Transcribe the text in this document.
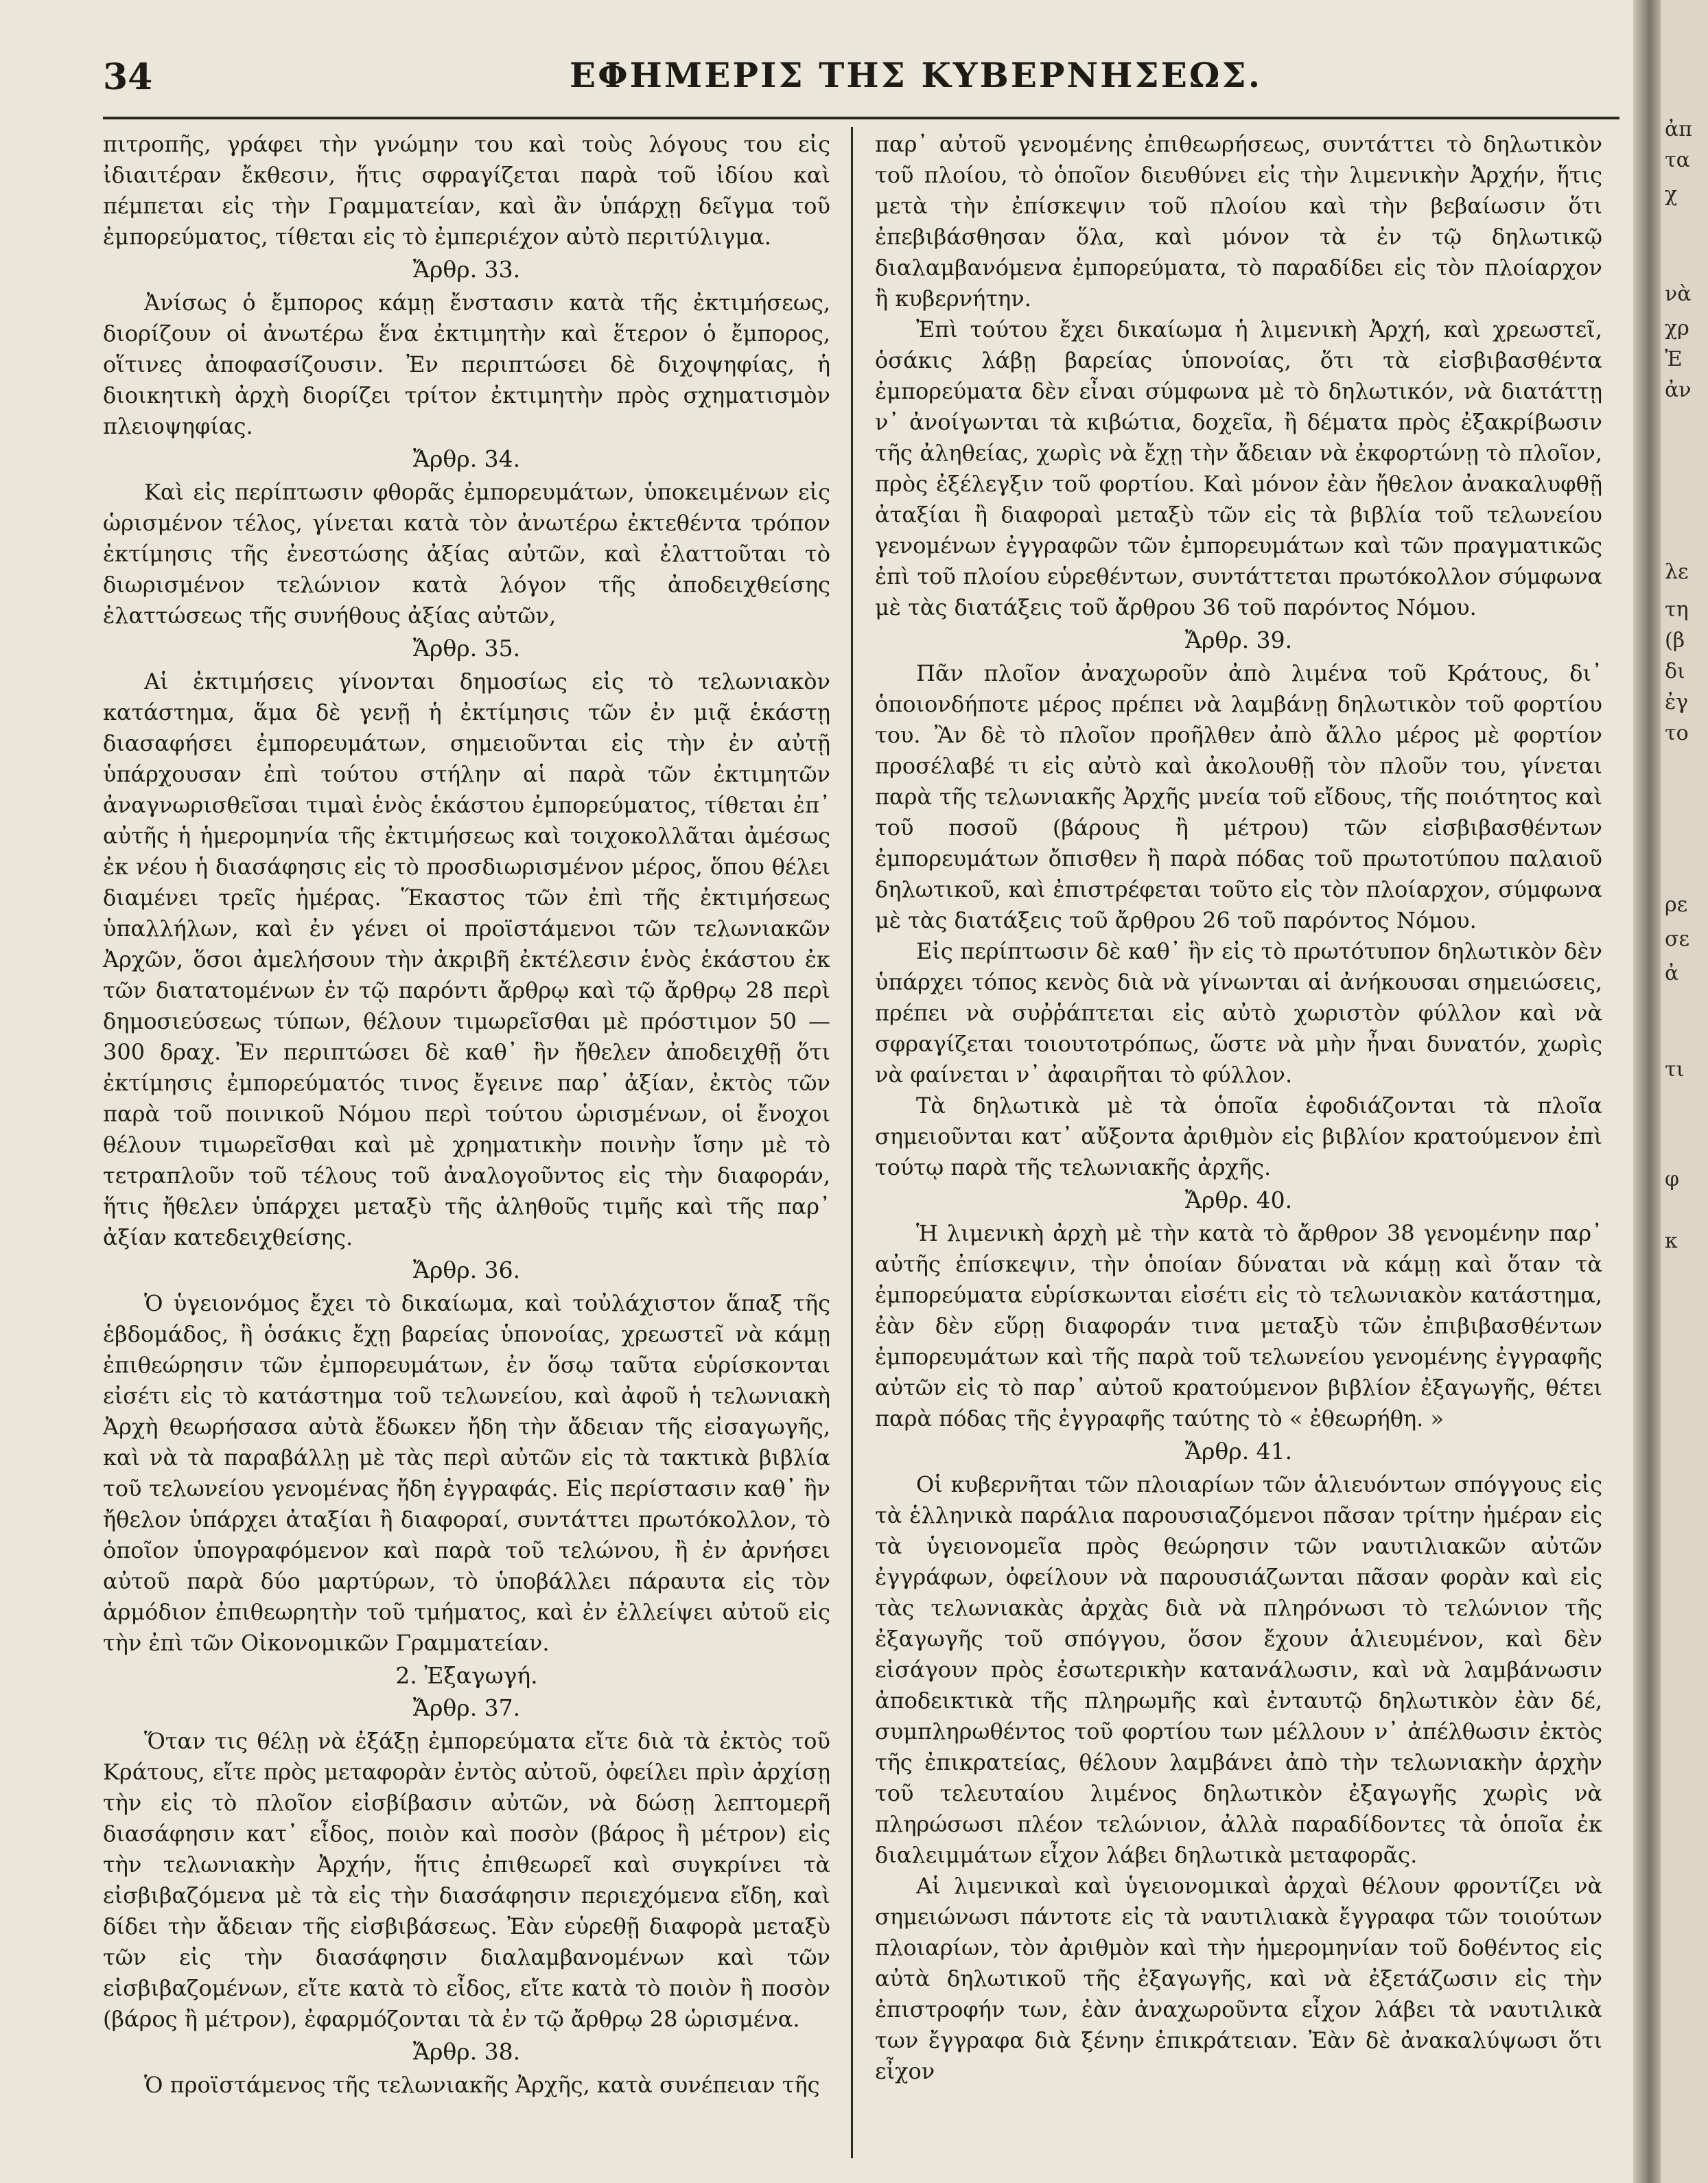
34	ΕΦΗΜΕΡΙΣ ΤΗΣ ΚΥΒΕΡΝΗΣΕΩΣ.

πιτροπῆς, γράφει τὴν γνώμην του καὶ τοὺς λόγους του εἰς ἰδιαιτέραν ἔκθεσιν, ἥτις σφραγίζεται παρὰ τοῦ ἰδίου καὶ πέμπεται εἰς τὴν Γραμματείαν, καὶ ἂν ὑπάρχῃ δεῖγμα τοῦ ἐμπορεύματος, τίθεται εἰς τὸ ἐμπεριέχον αὐτὸ περιτύλιγμα.

Ἄρθρ. 33.

Ἀνίσως ὁ ἔμπορος κάμῃ ἔνστασιν κατὰ τῆς ἐκτιμήσεως, διορίζουν οἱ ἀνωτέρω ἕνα ἐκτιμητὴν καὶ ἕτερον ὁ ἔμπορος, οἵτινες ἀποφασίζουσιν. Ἐν περιπτώσει δὲ διχοψηφίας, ἡ διοικητικὴ ἀρχὴ διορίζει τρίτον ἐκτιμητὴν πρὸς σχηματισμὸν πλειοψηφίας.

Ἄρθρ. 34.

Καὶ εἰς περίπτωσιν φθορᾶς ἐμπορευμάτων, ὑποκειμένων εἰς ὡρισμένον τέλος, γίνεται κατὰ τὸν ἀνωτέρω ἐκτεθέντα τρόπον ἐκτίμησις τῆς ἐνεστώσης ἀξίας αὐτῶν, καὶ ἐλαττοῦται τὸ διωρισμένον τελώνιον κατὰ λόγον τῆς ἀποδειχθείσης ἐλαττώσεως τῆς συνήθους ἀξίας αὐτῶν,

Ἄρθρ. 35.

Αἱ ἐκτιμήσεις γίνονται δημοσίως εἰς τὸ τελωνιακὸν κατάστημα, ἅμα δὲ γενῇ ἡ ἐκτίμησις τῶν ἐν μιᾷ ἑκάστῃ διασαφήσει ἐμπορευμάτων, σημειοῦνται εἰς τὴν ἐν αὐτῇ ὑπάρχουσαν ἐπὶ τούτου στήλην αἱ παρὰ τῶν ἐκτιμητῶν ἀναγνωρισθεῖσαι τιμαὶ ἑνὸς ἑκάστου ἐμπορεύματος, τίθεται ἐπ᾽ αὐτῆς ἡ ἡμερομηνία τῆς ἐκτιμήσεως καὶ τοιχοκολλᾶται ἀμέσως ἐκ νέου ἡ διασάφησις εἰς τὸ προσδιωρισμένον μέρος, ὅπου θέλει διαμένει τρεῖς ἡμέρας. Ἕκαστος τῶν ἐπὶ τῆς ἐκτιμήσεως ὑπαλλήλων, καὶ ἐν γένει οἱ προϊστάμενοι τῶν τελωνιακῶν Ἀρχῶν, ὅσοι ἀμελήσουν τὴν ἀκριβῆ ἐκτέλεσιν ἑνὸς ἑκάστου ἐκ τῶν διατατομένων ἐν τῷ παρόντι ἄρθρῳ καὶ τῷ ἄρθρῳ 28 περὶ δημοσιεύσεως τύπων, θέλουν τιμωρεῖσθαι μὲ πρόστιμον 50 — 300 δραχ. Ἐν περιπτώσει δὲ καθ᾽ ἣν ἤθελεν ἀποδειχθῇ ὅτι ἐκτίμησις ἐμπορεύματός τινος ἔγεινε παρ᾽ ἀξίαν, ἐκτὸς τῶν παρὰ τοῦ ποινικοῦ Νόμου περὶ τούτου ὡρισμένων, οἱ ἔνοχοι θέλουν τιμωρεῖσθαι καὶ μὲ χρηματικὴν ποινὴν ἴσην μὲ τὸ τετραπλοῦν τοῦ τέλους τοῦ ἀναλογοῦντος εἰς τὴν διαφοράν, ἥτις ἤθελεν ὑπάρχει μεταξὺ τῆς ἀληθοῦς τιμῆς καὶ τῆς παρ᾽ ἀξίαν κατεδειχθείσης.

Ἄρθρ. 36.

Ὁ ὑγειονόμος ἔχει τὸ δικαίωμα, καὶ τοὐλάχιστον ἅπαξ τῆς ἑβδομάδος, ἢ ὁσάκις ἔχῃ βαρείας ὑπονοίας, χρεωστεῖ νὰ κάμῃ ἐπιθεώρησιν τῶν ἐμπορευμάτων, ἐν ὅσῳ ταῦτα εὑρίσκονται εἰσέτι εἰς τὸ κατάστημα τοῦ τελωνείου, καὶ ἀφοῦ ἡ τελωνιακὴ Ἀρχὴ θεωρήσασα αὐτὰ ἔδωκεν ἤδη τὴν ἄδειαν τῆς εἰσαγωγῆς, καὶ νὰ τὰ παραβάλλῃ μὲ τὰς περὶ αὐτῶν εἰς τὰ τακτικὰ βιβλία τοῦ τελωνείου γενομένας ἤδη ἐγγραφάς. Εἰς περίστασιν καθ᾽ ἣν ἤθελον ὑπάρχει ἀταξίαι ἢ διαφοραί, συντάττει πρωτόκολλον, τὸ ὁποῖον ὑπογραφόμενον καὶ παρὰ τοῦ τελώνου, ἢ ἐν ἀρνήσει αὐτοῦ παρὰ δύο μαρτύρων, τὸ ὑποβάλλει πάραυτα εἰς τὸν ἁρμόδιον ἐπιθεωρητὴν τοῦ τμήματος, καὶ ἐν ἐλλείψει αὐτοῦ εἰς τὴν ἐπὶ τῶν Οἰκονομικῶν Γραμματείαν.

2. Ἐξαγωγή.
Ἄρθρ. 37.

Ὅταν τις θέλῃ νὰ ἐξάξῃ ἐμπορεύματα εἴτε διὰ τὰ ἐκτὸς τοῦ Κράτους, εἴτε πρὸς μεταφορὰν ἐντὸς αὐτοῦ, ὀφείλει πρὶν ἀρχίσῃ τὴν εἰς τὸ πλοῖον εἰσβίβασιν αὐτῶν, νὰ δώσῃ λεπτομερῆ διασάφησιν κατ᾽ εἶδος, ποιὸν καὶ ποσὸν (βάρος ἢ μέτρον) εἰς τὴν τελωνιακὴν Ἀρχήν, ἥτις ἐπιθεωρεῖ καὶ συγκρίνει τὰ εἰσβιβαζόμενα μὲ τὰ εἰς τὴν διασάφησιν περιεχόμενα εἴδη, καὶ δίδει τὴν ἄδειαν τῆς εἰσβιβάσεως. Ἐὰν εὑρεθῇ διαφορὰ μεταξὺ τῶν εἰς τὴν διασάφησιν διαλαμβανομένων καὶ τῶν εἰσβιβαζομένων, εἴτε κατὰ τὸ εἶδος, εἴτε κατὰ τὸ ποιὸν ἢ ποσὸν (βάρος ἢ μέτρον), ἐφαρμόζονται τὰ ἐν τῷ ἄρθρῳ 28 ὡρισμένα.

Ἄρθρ. 38.

Ὁ προϊστάμενος τῆς τελωνιακῆς Ἀρχῆς, κατὰ συνέπειαν τῆς

παρ᾽ αὐτοῦ γενομένης ἐπιθεωρήσεως, συντάττει τὸ δηλωτικὸν τοῦ πλοίου, τὸ ὁποῖον διευθύνει εἰς τὴν λιμενικὴν Ἀρχήν, ἥτις μετὰ τὴν ἐπίσκεψιν τοῦ πλοίου καὶ τὴν βεβαίωσιν ὅτι ἐπεβιβάσθησαν ὅλα, καὶ μόνον τὰ ἐν τῷ δηλωτικῷ διαλαμβανόμενα ἐμπορεύματα, τὸ παραδίδει εἰς τὸν πλοίαρχον ἢ κυβερνήτην.

Ἐπὶ τούτου ἔχει δικαίωμα ἡ λιμενικὴ Ἀρχή, καὶ χρεωστεῖ, ὁσάκις λάβῃ βαρείας ὑπονοίας, ὅτι τὰ εἰσβιβασθέντα ἐμπορεύματα δὲν εἶναι σύμφωνα μὲ τὸ δηλωτικόν, νὰ διατάττῃ ν᾽ ἀνοίγωνται τὰ κιβώτια, δοχεῖα, ἢ δέματα πρὸς ἐξακρίβωσιν τῆς ἀληθείας, χωρὶς νὰ ἔχῃ τὴν ἄδειαν νὰ ἐκφορτώνῃ τὸ πλοῖον, πρὸς ἐξέλεγξιν τοῦ φορτίου. Καὶ μόνον ἐὰν ἤθελον ἀνακαλυφθῇ ἀταξίαι ἢ διαφοραὶ μεταξὺ τῶν εἰς τὰ βιβλία τοῦ τελωνείου γενομένων ἐγγραφῶν τῶν ἐμπορευμάτων καὶ τῶν πραγματικῶς ἐπὶ τοῦ πλοίου εὑρεθέντων, συντάττεται πρωτόκολλον σύμφωνα μὲ τὰς διατάξεις τοῦ ἄρθρου 36 τοῦ παρόντος Νόμου.

Ἄρθρ. 39.

Πᾶν πλοῖον ἀναχωροῦν ἀπὸ λιμένα τοῦ Κράτους, δι᾽ ὁποιονδήποτε μέρος πρέπει νὰ λαμβάνῃ δηλωτικὸν τοῦ φορτίου του. Ἂν δὲ τὸ πλοῖον προῆλθεν ἀπὸ ἄλλο μέρος μὲ φορτίον προσέλαβέ τι εἰς αὐτὸ καὶ ἀκολουθῇ τὸν πλοῦν του, γίνεται παρὰ τῆς τελωνιακῆς Ἀρχῆς μνεία τοῦ εἴδους, τῆς ποιότητος καὶ τοῦ ποσοῦ (βάρους ἢ μέτρου) τῶν εἰσβιβασθέντων ἐμπορευμάτων ὄπισθεν ἢ παρὰ πόδας τοῦ πρωτοτύπου παλαιοῦ δηλωτικοῦ, καὶ ἐπιστρέφεται τοῦτο εἰς τὸν πλοίαρχον, σύμφωνα μὲ τὰς διατάξεις τοῦ ἄρθρου 26 τοῦ παρόντος Νόμου.

Εἰς περίπτωσιν δὲ καθ᾽ ἣν εἰς τὸ πρωτότυπον δηλωτικὸν δὲν ὑπάρχει τόπος κενὸς διὰ νὰ γίνωνται αἱ ἀνήκουσαι σημειώσεις, πρέπει νὰ συῤῥάπτεται εἰς αὐτὸ χωριστὸν φύλλον καὶ νὰ σφραγίζεται τοιουτοτρόπως, ὥστε νὰ μὴν ἦναι δυνατόν, χωρὶς νὰ φαίνεται ν᾽ ἀφαιρῆται τὸ φύλλον.

Τὰ δηλωτικὰ μὲ τὰ ὁποῖα ἐφοδιάζονται τὰ πλοῖα σημειοῦνται κατ᾽ αὔξοντα ἀριθμὸν εἰς βιβλίον κρατούμενον ἐπὶ τούτῳ παρὰ τῆς τελωνιακῆς ἀρχῆς.

Ἄρθρ. 40.

Ἡ λιμενικὴ ἀρχὴ μὲ τὴν κατὰ τὸ ἄρθρον 38 γενομένην παρ᾽ αὐτῆς ἐπίσκεψιν, τὴν ὁποίαν δύναται νὰ κάμῃ καὶ ὅταν τὰ ἐμπορεύματα εὑρίσκωνται εἰσέτι εἰς τὸ τελωνιακὸν κατάστημα, ἐὰν δὲν εὕρῃ διαφοράν τινα μεταξὺ τῶν ἐπιβιβασθέντων ἐμπορευμάτων καὶ τῆς παρὰ τοῦ τελωνείου γενομένης ἐγγραφῆς αὐτῶν εἰς τὸ παρ᾽ αὐτοῦ κρατούμενον βιβλίον ἐξαγωγῆς, θέτει παρὰ πόδας τῆς ἐγγραφῆς ταύτης τὸ « ἐθεωρήθη. »

Ἄρθρ. 41.

Οἱ κυβερνῆται τῶν πλοιαρίων τῶν ἁλιευόντων σπόγγους εἰς τὰ ἑλληνικὰ παράλια παρουσιαζόμενοι πᾶσαν τρίτην ἡμέραν εἰς τὰ ὑγειονομεῖα πρὸς θεώρησιν τῶν ναυτιλιακῶν αὐτῶν ἐγγράφων, ὀφείλουν νὰ παρουσιάζωνται πᾶσαν φορὰν καὶ εἰς τὰς τελωνιακὰς ἀρχὰς διὰ νὰ πληρόνωσι τὸ τελώνιον τῆς ἐξαγωγῆς τοῦ σπόγγου, ὅσον ἔχουν ἁλιευμένον, καὶ δὲν εἰσάγουν πρὸς ἐσωτερικὴν κατανάλωσιν, καὶ νὰ λαμβάνωσιν ἀποδεικτικὰ τῆς πληρωμῆς καὶ ἐνταυτῷ δηλωτικὸν ἐὰν δέ, συμπληρωθέντος τοῦ φορτίου των μέλλουν ν᾽ ἀπέλθωσιν ἐκτὸς τῆς ἐπικρατείας, θέλουν λαμβάνει ἀπὸ τὴν τελωνιακὴν ἀρχὴν τοῦ τελευταίου λιμένος δηλωτικὸν ἐξαγωγῆς χωρὶς νὰ πληρώσωσι πλέον τελώνιον, ἀλλὰ παραδίδοντες τὰ ὁποῖα ἐκ διαλειμμάτων εἶχον λάβει δηλωτικὰ μεταφορᾶς.

Αἱ λιμενικαὶ καὶ ὑγειονομικαὶ ἀρχαὶ θέλουν φροντίζει νὰ σημειώνωσι πάντοτε εἰς τὰ ναυτιλιακὰ ἔγγραφα τῶν τοιούτων πλοιαρίων, τὸν ἀριθμὸν καὶ τὴν ἡμερομηνίαν τοῦ δοθέντος εἰς αὐτὰ δηλωτικοῦ τῆς ἐξαγωγῆς, καὶ νὰ ἐξετάζωσιν εἰς τὴν ἐπιστροφήν των, ἐὰν ἀναχωροῦντα εἶχον λάβει τὰ ναυτιλικὰ των ἔγγραφα διὰ ξένην ἐπικράτειαν. Ἐὰν δὲ ἀνακαλύψωσι ὅτι εἶχον

ἀπ
τα
χ
νὰ
χρ
Ἐ
ἀν
λε
τη
(β
δι
ἐγ
το
ρε
σε
ἀ
τι
φ
κ
